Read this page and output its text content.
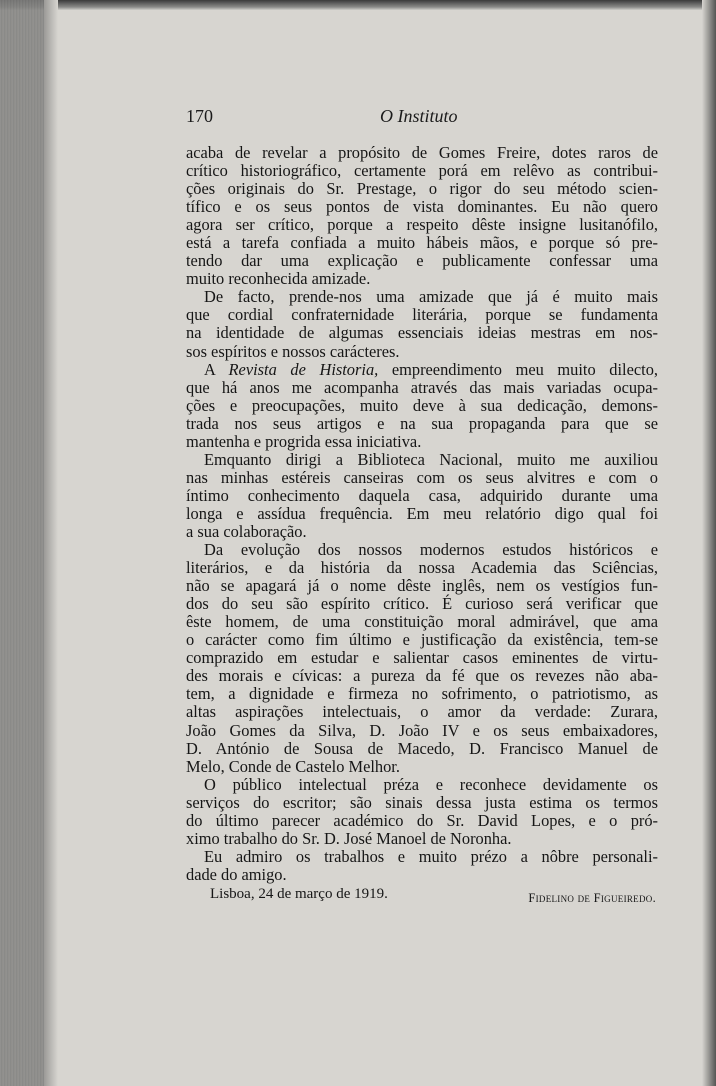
170	O Instituto
acaba de revelar a propósito de Gomes Freire, dotes raros de
crítico historiográfico, certamente porá em relêvo as contribui-
ções originais do Sr. Prestage, o rigor do seu método scien-
tífico e os seus pontos de vista dominantes. Eu não quero
agora ser crítico, porque a respeito dêste insigne lusitanófilo,
está a tarefa confiada a muito hábeis mãos, e porque só pre-
tendo dar uma explicação e publicamente confessar uma
muito reconhecida amizade.
De facto, prende-nos uma amizade que já é muito mais
que cordial confraternidade literária, porque se fundamenta
na identidade de algumas essenciais ideias mestras em nos-
sos espíritos e nossos carácteres.
A Revista de Historia, empreendimento meu muito dilecto,
que há anos me acompanha através das mais variadas ocupa-
ções e preocupações, muito deve à sua dedicação, demons-
trada nos seus artigos e na sua propaganda para que se
mantenha e progrida essa iniciativa.
Emquanto dirigi a Biblioteca Nacional, muito me auxiliou
nas minhas estéreis canseiras com os seus alvitres e com o
íntimo conhecimento daquela casa, adquirido durante uma
longa e assídua frequência. Em meu relatório digo qual foi
a sua colaboração.
Da evolução dos nossos modernos estudos históricos e
literários, e da história da nossa Academia das Sciências,
não se apagará já o nome dêste inglês, nem os vestígios fun-
dos do seu são espírito crítico. É curioso será verificar que
êste homem, de uma constituição moral admirável, que ama
o carácter como fim último e justificação da existência, tem-se
comprazido em estudar e salientar casos eminentes de virtu-
des morais e cívicas: a pureza da fé que os revezes não aba-
tem, a dignidade e firmeza no sofrimento, o patriotismo, as
altas aspirações intelectuais, o amor da verdade: Zurara,
João Gomes da Silva, D. João IV e os seus embaixadores,
D. António de Sousa de Macedo, D. Francisco Manuel de
Melo, Conde de Castelo Melhor.
O público intelectual préza e reconhece devidamente os
serviços do escritor; são sinais dessa justa estima os termos
do último parecer académico do Sr. David Lopes, e o pró-
ximo trabalho do Sr. D. José Manoel de Noronha.
Eu admiro os trabalhos e muito prézo a nôbre personali-
dade do amigo.
Lisboa, 24 de março de 1919.	Fidelino de Figueiredo.
